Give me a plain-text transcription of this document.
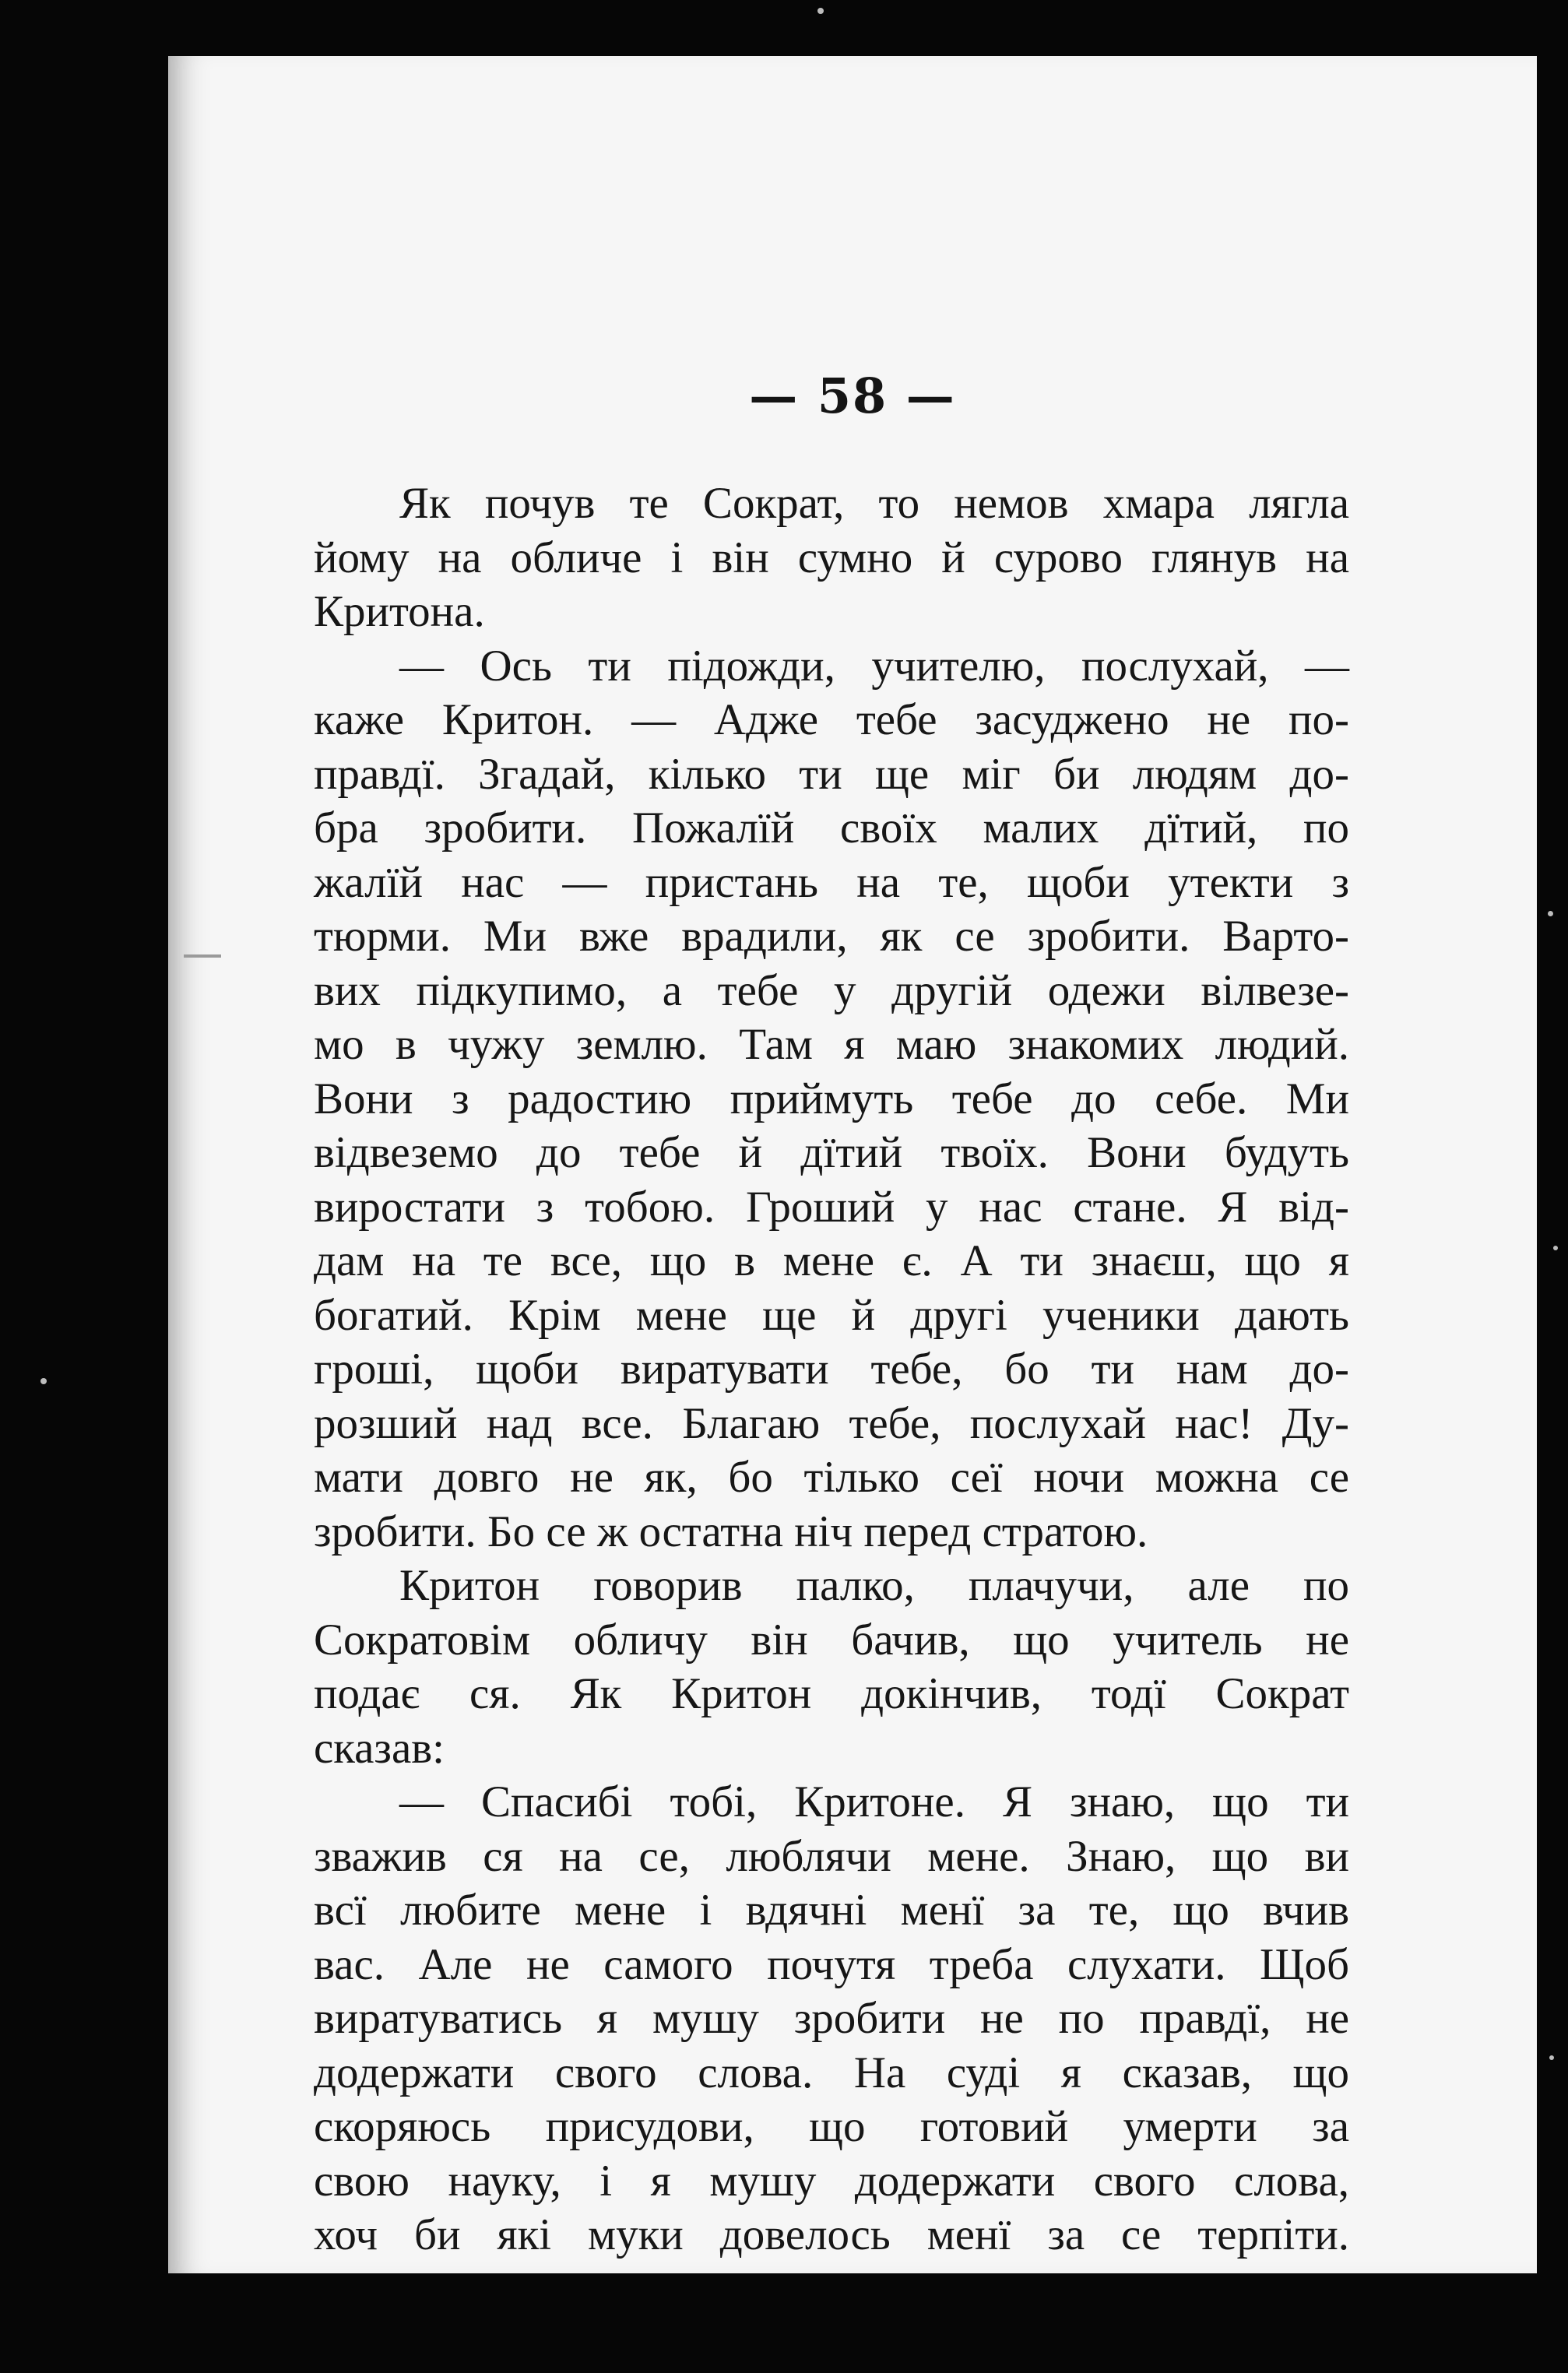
— 58 —

Як почув те Сократ, то немов хмара лягла
йому на обличе і він сумно й сурово глянув на
Критона.
— Ось ти підожди, учителю, послухай, —
каже Критон. — Адже тебе засуджено не по-
правдї. Згадай, кілько ти ще міг би людям до-
бра зробити. Пожалїй своїх малих дїтий, по
жалїй нас — пристань на те, щоби утекти з
тюрми. Ми вже врадили, як се зробити. Варто-
вих підкупимо, а тебе у другій одежи вілвезе-
мо в чужу землю. Там я маю знакомих людий.
Вони з радостию приймуть тебе до себе. Ми
відвеземо до тебе й дїтий твоїх. Вони будуть
виростати з тобою. Гроший у нас стане. Я від-
дам на те все, що в мене є. А ти знаєш, що я
богатий. Крім мене ще й другі ученики дають
гроші, щоби виратувати тебе, бо ти нам до-
розший над все. Благаю тебе, послухай нас! Ду-
мати довго не як, бо тілько сеї ночи можна се
зробити. Бо се ж остатна ніч перед стратою.
Критон говорив палко, плачучи, але по
Сократовім обличу він бачив, що учитель не
подає ся. Як Критон докінчив, тодї Сократ
сказав:
— Спасибі тобі, Критоне. Я знаю, що ти
зважив ся на се, люблячи мене. Знаю, що ви
всї любите мене і вдячні менї за те, що вчив
вас. Але не самого почутя треба слухати. Щоб
виратуватись я мушу зробити не по правдї, не
додержати свого слова. На суді я сказав, що
скоряюсь присудови, що готовий умерти за
свою науку, і я мушу додержати свого слова,
хоч би які муки довелось менї за се терпіти.
